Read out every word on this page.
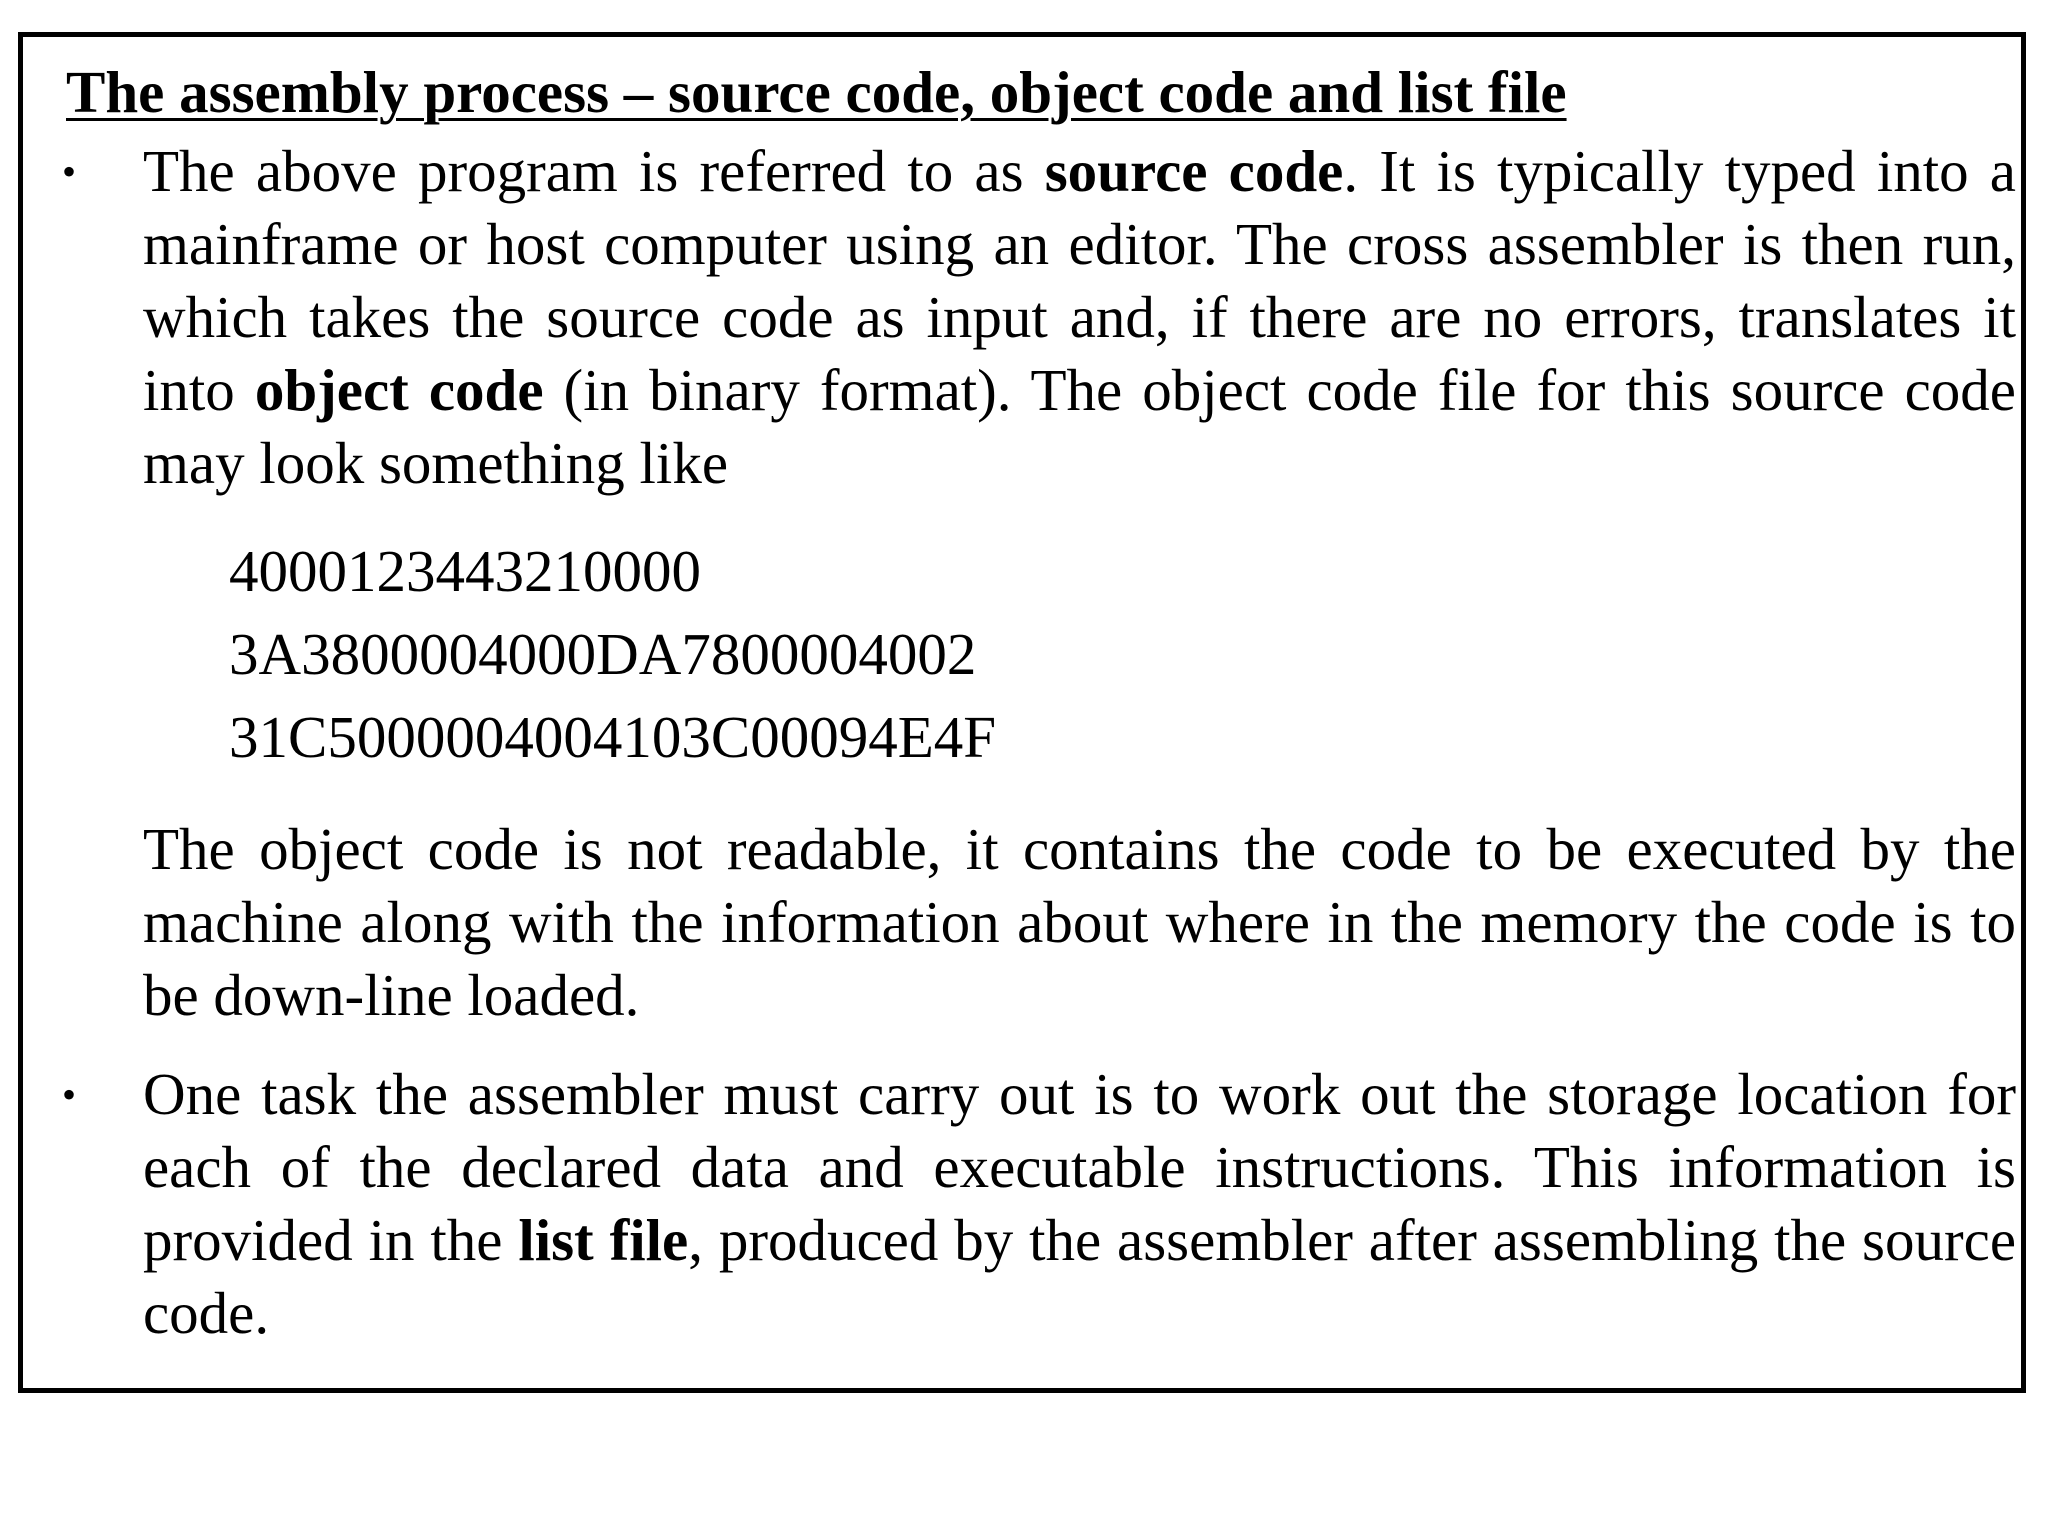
The assembly process – source code, object code and list file
• The above program is referred to as source code. It is typically typed into a mainframe or host computer using an editor. The cross assembler is then run, which takes the source code as input and, if there are no errors, translates it into object code (in binary format). The object code file for this source code may look something like

4000123443210000
3A3800004000DA7800004002
31C5000004004103C00094E4F

The object code is not readable, it contains the code to be executed by the machine along with the information about where in the memory the code is to be down-line loaded.

• One task the assembler must carry out is to work out the storage location for each of the declared data and executable instructions. This information is provided in the list file, produced by the assembler after assembling the source code.
